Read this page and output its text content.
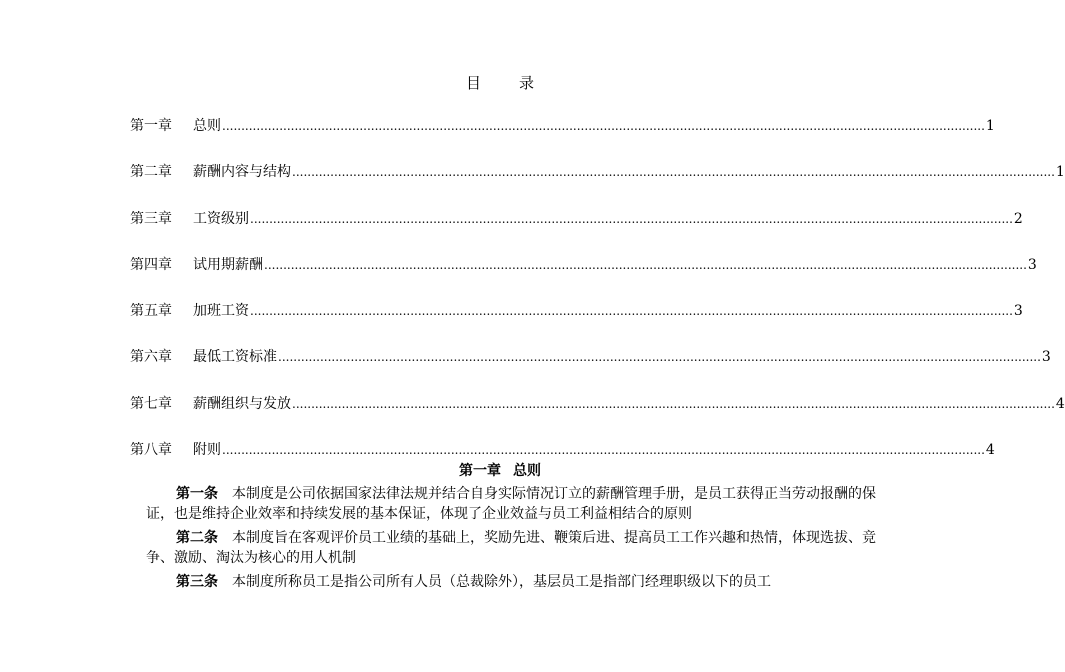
目	录
第一章	总则 ........................................................................................................................................................................................................ 1
第二章	薪酬内容与结构 ........................................................................................................................................................................................................ 1
第三章	工资级别 ........................................................................................................................................................................................................ 2
第四章	试用期薪酬 ........................................................................................................................................................................................................ 3
第五章	加班工资 ........................................................................................................................................................................................................ 3
第六章	最低工资标准 ........................................................................................................................................................................................................ 3
第七章	薪酬组织与发放 ........................................................................................................................................................................................................ 4
第八章	附则 ........................................................................................................................................................................................................ 4
第一章 总则

第一条 本制度是公司依据国家法律法规并结合自身实际情况订立的薪酬管理手册，是员工获得正当劳动报酬的保证，也是维持企业效率和持续发展的基本保证，体现了企业效益与员工利益相结合的原则

第二条 本制度旨在客观评价员工业绩的基础上，奖励先进、鞭策后进、提高员工工作兴趣和热情，体现选拔、竞争、激励、淘汰为核心的用人机制

第三条 本制度所称员工是指公司所有人员（总裁除外），基层员工是指部门经理职级以下的员工
